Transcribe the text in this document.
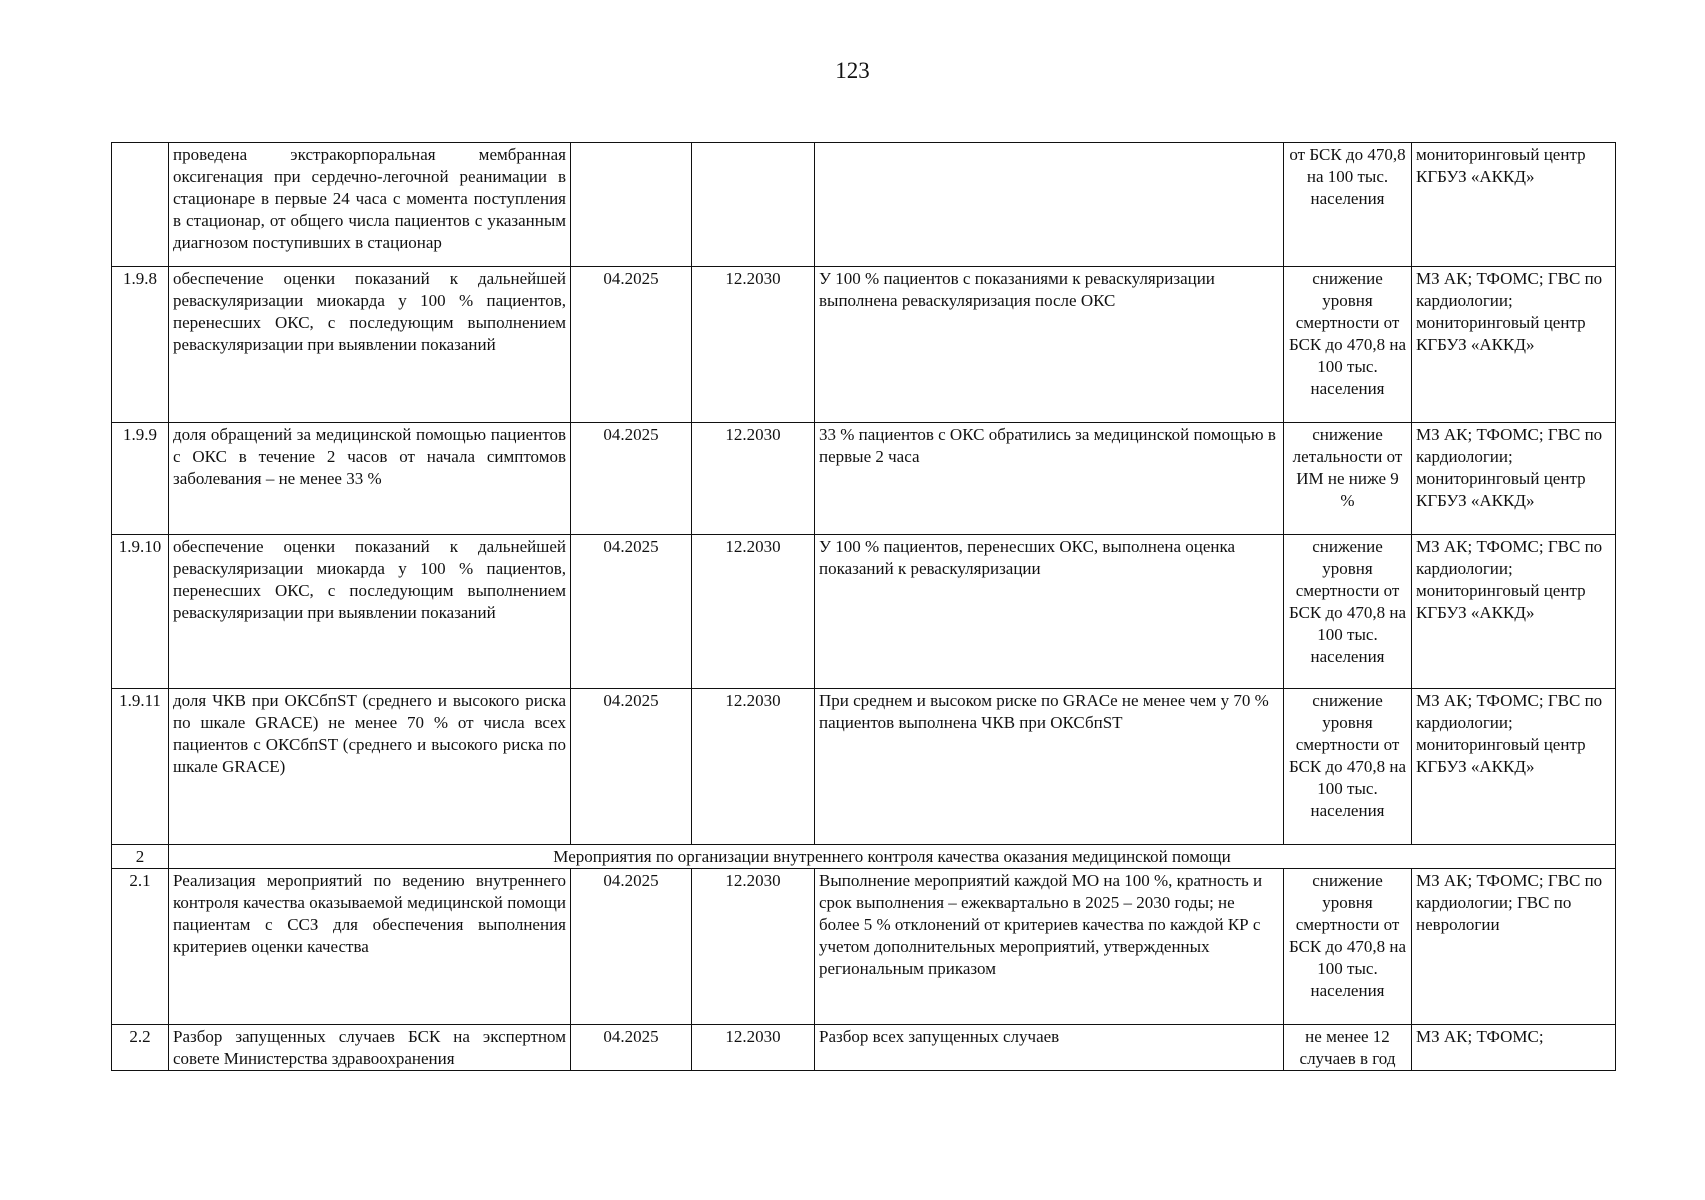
123
	проведена экстракорпоральная мембранная оксигенация при сердечно-легочной реанимации в стационаре в первые 24 часа с момента поступления в стационар, от общего числа пациентов с указанным диагнозом поступивших в стационар				от БСК до 470,8 на 100 тыс. населения	мониторинговый центр КГБУЗ «АККД»
1.9.8	обеспечение оценки показаний к дальнейшей реваскуляризации миокарда у 100 % пациентов, перенесших ОКС, с последующим выполнением реваскуляризации при выявлении показаний	04.2025	12.2030	У 100 % пациентов с показаниями к реваскуляризации выполнена реваскуляризация после ОКС	снижение уровня смертности от БСК до 470,8 на 100 тыс. населения	МЗ АК; ТФОМС; ГВС по кардиологии; мониторинговый центр КГБУЗ «АККД»
1.9.9	доля обращений за медицинской помощью пациентов с ОКС в течение 2 часов от начала симптомов заболевания – не менее 33 %	04.2025	12.2030	33 % пациентов с ОКС обратились за медицинской помощью в первые 2 часа	снижение летальности от ИМ не ниже 9 %	МЗ АК; ТФОМС; ГВС по кардиологии; мониторинговый центр КГБУЗ «АККД»
1.9.10	обеспечение оценки показаний к дальнейшей реваскуляризации миокарда у 100 % пациентов, перенесших ОКС, с последующим выполнением реваскуляризации при выявлении показаний	04.2025	12.2030	У 100 % пациентов, перенесших ОКС, выполнена оценка показаний к реваскуляризации	снижение уровня смертности от БСК до 470,8 на 100 тыс. населения	МЗ АК; ТФОМС; ГВС по кардиологии; мониторинговый центр КГБУЗ «АККД»
1.9.11	доля ЧКВ при ОКСбпST (среднего и высокого риска по шкале GRACE) не менее 70 % от числа всех пациентов с ОКСбпST (среднего и высокого риска по шкале GRACE)	04.2025	12.2030	При среднем и высоком риске по GRACe не менее чем у 70 % пациентов выполнена ЧКВ при ОКСбпST	снижение уровня смертности от БСК до 470,8 на 100 тыс. населения	МЗ АК; ТФОМС; ГВС по кардиологии; мониторинговый центр КГБУЗ «АККД»
2	Мероприятия по организации внутреннего контроля качества оказания медицинской помощи					
2.1	Реализация мероприятий по ведению внутреннего контроля качества оказываемой медицинской помощи пациентам с ССЗ для обеспечения выполнения критериев оценки качества	04.2025	12.2030	Выполнение мероприятий каждой МО на 100 %, кратность и срок выполнения – ежеквартально в 2025 – 2030 годы; не более 5 % отклонений от критериев качества по каждой КР с учетом дополнительных мероприятий, утвержденных региональным приказом	снижение уровня смертности от БСК до 470,8 на 100 тыс. населения	МЗ АК; ТФОМС; ГВС по кардиологии; ГВС по неврологии
2.2	Разбор запущенных случаев БСК на экспертном совете Министерства здравоохранения	04.2025	12.2030	Разбор всех запущенных случаев	не менее 12 случаев в год	МЗ АК; ТФОМС;
